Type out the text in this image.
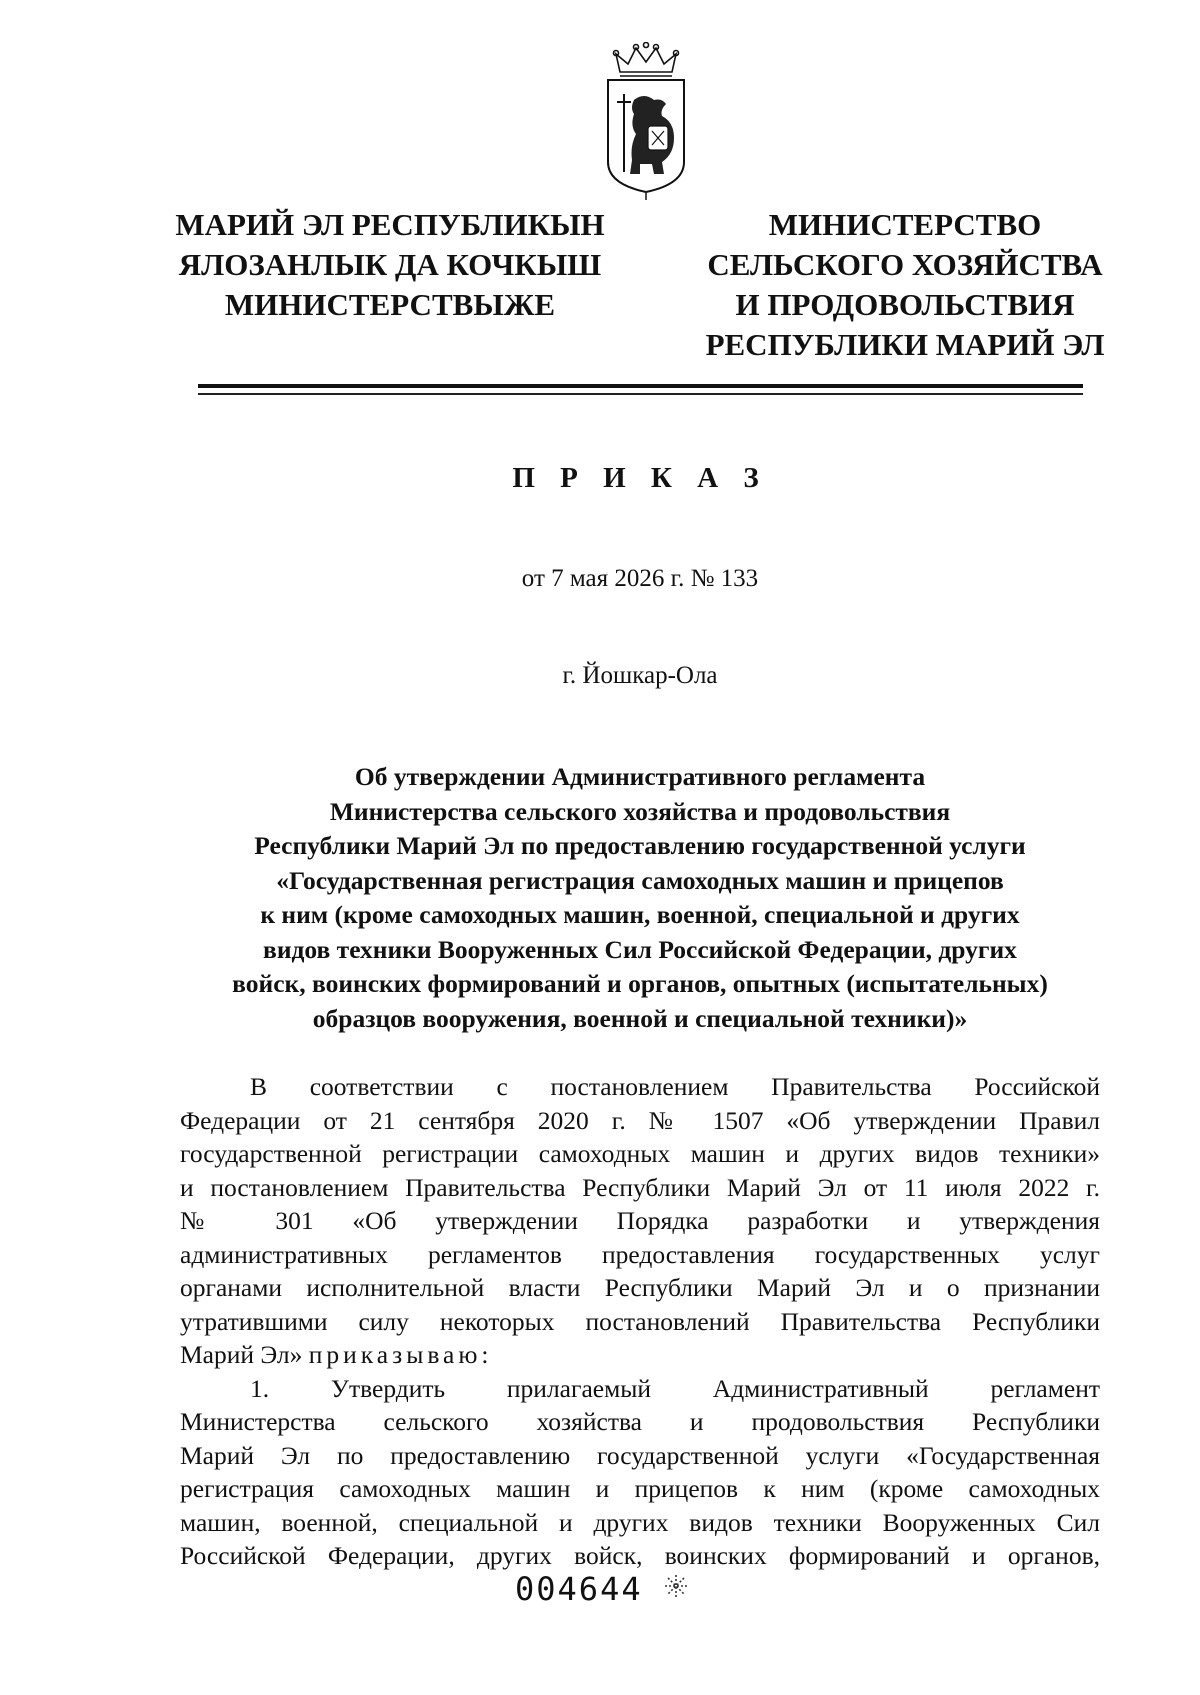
МАРИЙ ЭЛ РЕСПУБЛИКЫН
ЯЛОЗАНЛЫК ДА КОЧКЫШ
МИНИСТЕРСТВЫЖЕ
МИНИСТЕРСТВО
СЕЛЬСКОГО ХОЗЯЙСТВА
И ПРОДОВОЛЬСТВИЯ
РЕСПУБЛИКИ МАРИЙ ЭЛ
П Р И К А З
от 7 мая 2026 г. № 133
г. Йошкар-Ола
Об утверждении Административного регламента
Министерства сельского хозяйства и продовольствия
Республики Марий Эл по предоставлению государственной услуги
«Государственная регистрация самоходных машин и прицепов
к ним (кроме самоходных машин, военной, специальной и других
видов техники Вооруженных Сил Российской Федерации, других
войск, воинских формирований и органов, опытных (испытательных)
образцов вооружения, военной и специальной техники)»
В соответствии с постановлением Правительства Российской
Федерации от 21 сентября 2020 г. № 1507 «Об утверждении Правил
государственной регистрации самоходных машин и других видов техники»
и постановлением Правительства Республики Марий Эл от 11 июля 2022 г.
№ 301 «Об утверждении Порядка разработки и утверждения
административных регламентов предоставления государственных услуг
органами исполнительной власти Республики Марий Эл и о признании
утратившими силу некоторых постановлений Правительства Республики
Марий Эл» приказываю:
1. Утвердить прилагаемый Административный регламент
Министерства сельского хозяйства и продовольствия Республики
Марий Эл по предоставлению государственной услуги «Государственная
регистрация самоходных машин и прицепов к ним (кроме самоходных
машин, военной, специальной и других видов техники Вооруженных Сил
Российской Федерации, других войск, воинских формирований и органов,
004644
